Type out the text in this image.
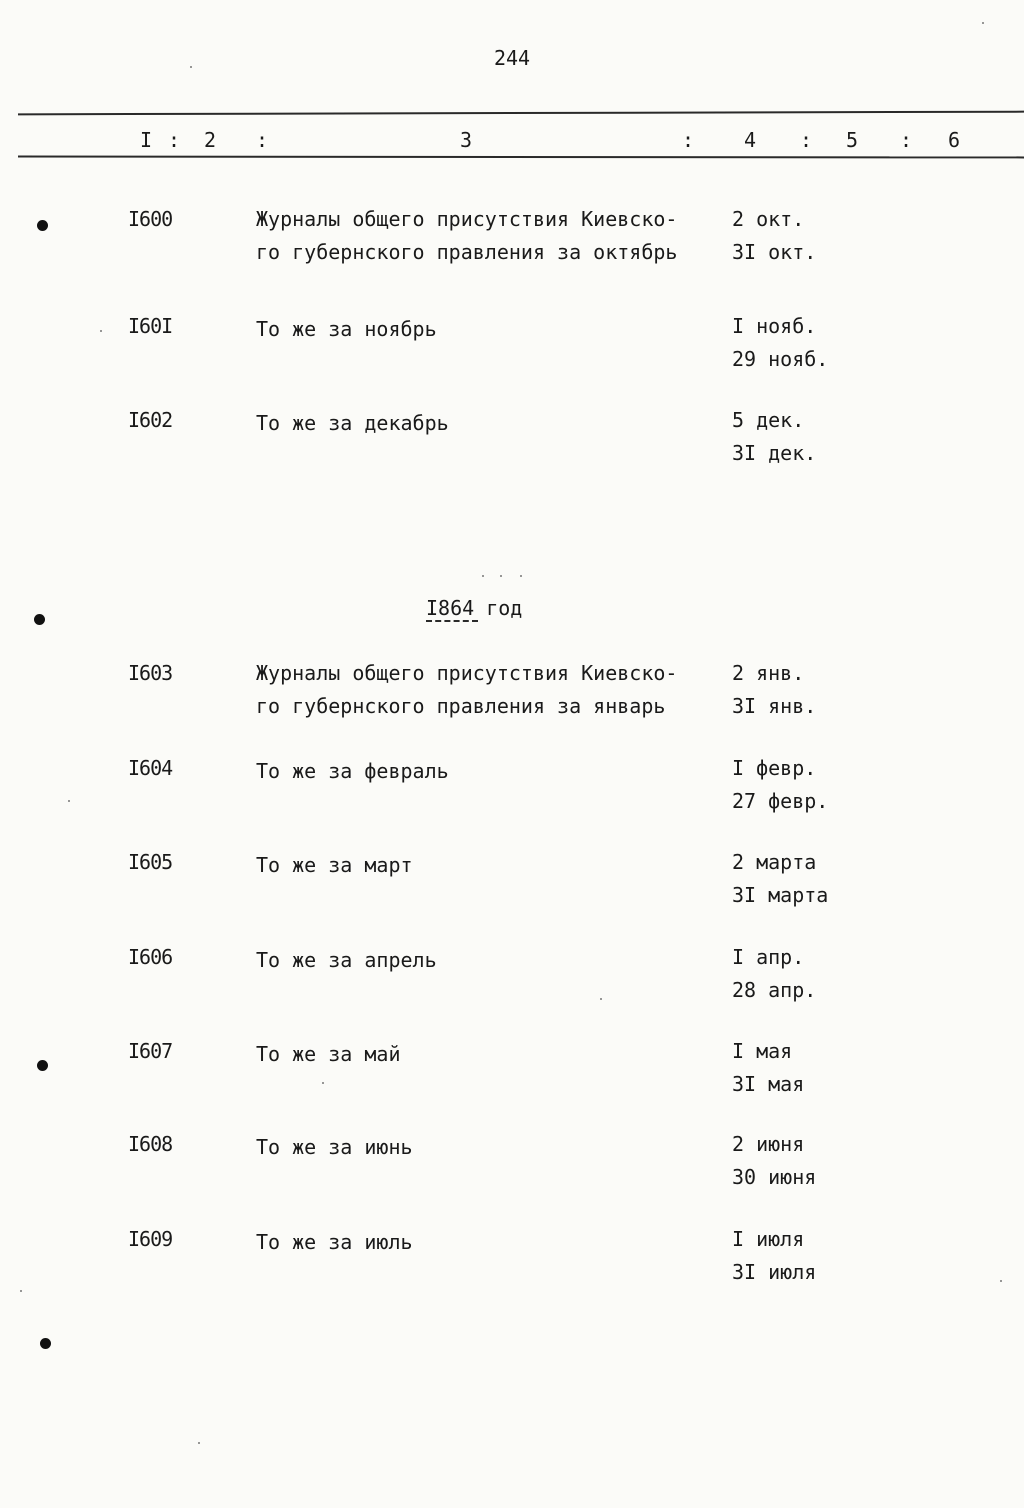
244
I : 2 :	3	: 4 : 5 : 6
I600	Журналы общего присутствия Киевско-
го губернского правления за октябрь
2 окт.
3I окт.
I60I	То же за ноябрь	I нояб.
29 нояб.
I602	То же за декабрь	5 дек.
3I дек.
I864 год
I603	Журналы общего присутствия Киевско-
го губернского правления за январь
2 янв.
3I янв.
I604	То же за февраль	I февр.
27 февр.
I605	То же за март	2 марта
3I марта
I606	То же за апрель	I апр.
28 апр.
I607	То же за май	I мая
3I мая
I608	То же за июнь	2 июня
30 июня
I609	То же за июль	I июля
3I июля
